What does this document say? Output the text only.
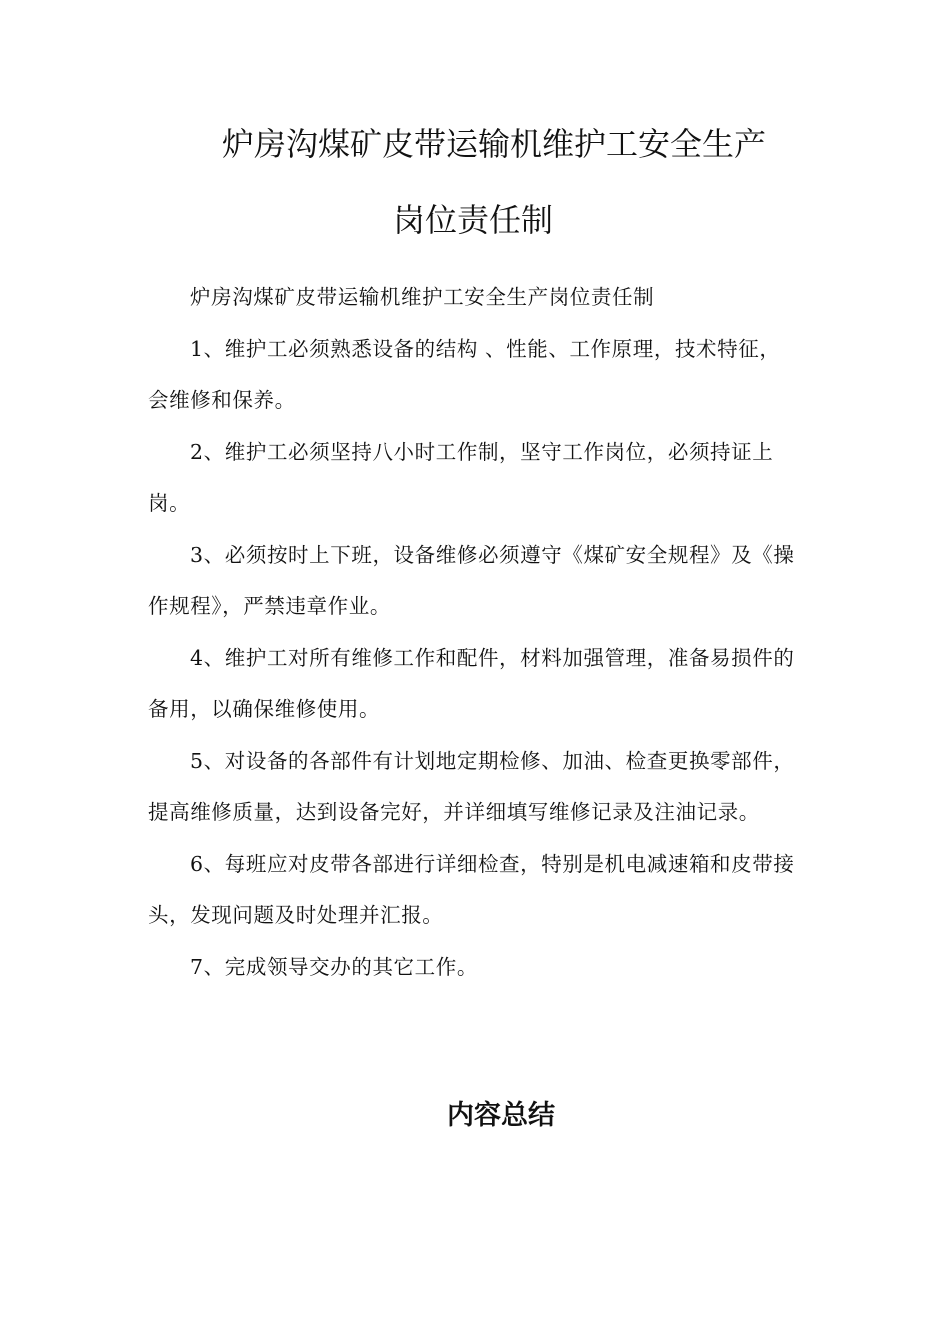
炉房沟煤矿皮带运输机维护工安全生产
岗位责任制

炉房沟煤矿皮带运输机维护工安全生产岗位责任制

1、维护工必须熟悉设备的结构 、性能、工作原理，技术特征，会维修和保养。

2、维护工必须坚持八小时工作制，坚守工作岗位，必须持证上岗。

3、必须按时上下班，设备维修必须遵守《煤矿安全规程》及《操作规程》，严禁违章作业。

4、维护工对所有维修工作和配件，材料加强管理，准备易损件的备用，以确保维修使用。

5、对设备的各部件有计划地定期检修、加油、检查更换零部件，提高维修质量，达到设备完好，并详细填写维修记录及注油记录。

6、每班应对皮带各部进行详细检查，特别是机电减速箱和皮带接头，发现问题及时处理并汇报。

7、完成领导交办的其它工作。

内容总结
